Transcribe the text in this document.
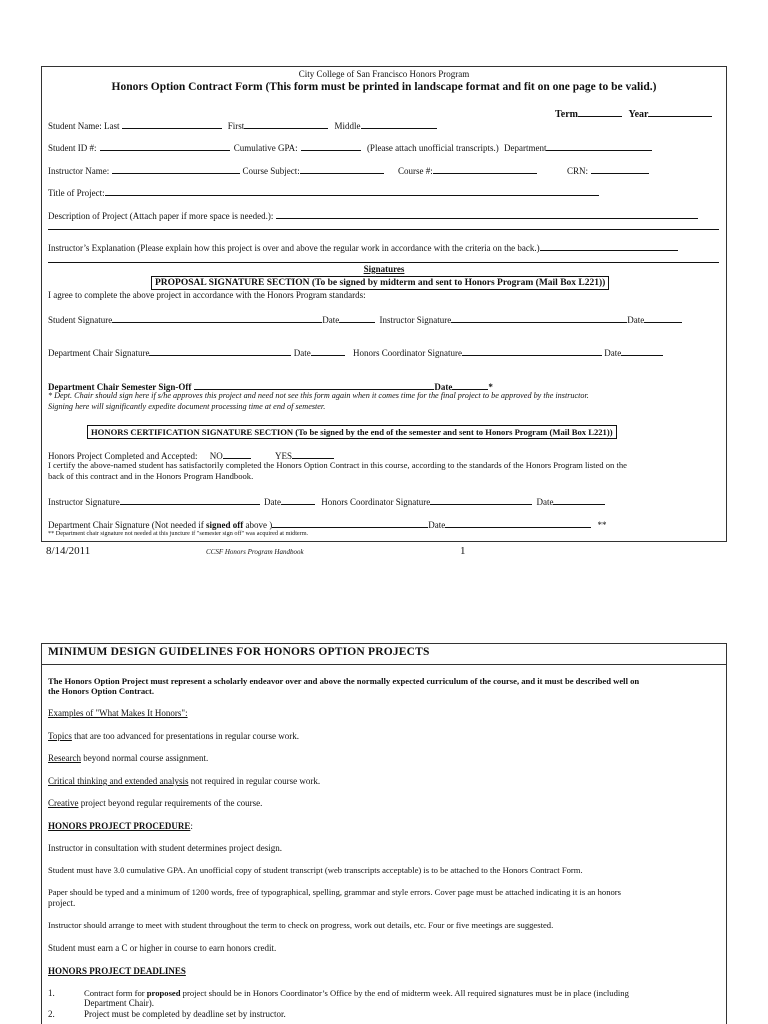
City College of San Francisco Honors Program
Honors Option Contract Form (This form must be printed in landscape format and fit on one page to be valid.)
Term	Year
Student Name: Last	First	Middle
Student ID #:	Cumulative GPA:	(Please attach unofficial transcripts.) Department
Instructor Name:	Course Subject:	Course #:	CRN:
Title of Project:
Description of Project (Attach paper if more space is needed.):
Instructor’s Explanation (Please explain how this project is over and above the regular work in accordance with the criteria on the back.)
Signatures
PROPOSAL SIGNATURE SECTION (To be signed by midterm and sent to Honors Program (Mail Box L221))
I agree to complete the above project in accordance with the Honors Program standards:
Student Signature	Date	Instructor Signature	Date
Department Chair Signature	Date	Honors Coordinator Signature	Date
Department Chair Semester Sign-Off	Date	*
* Dept. Chair should sign here if s/he approves this project and need not see this form again when it comes time for the final project to be approved by the instructor.
Signing here will significantly expedite document processing time at end of semester.
HONORS CERTIFICATION SIGNATURE SECTION (To be signed by the end of the semester and sent to Honors Program (Mail Box L221))
Honors Project Completed and Accepted: NO	YES
I certify the above-named student has satisfactorily completed the Honors Option Contract in this course, according to the standards of the Honors Program listed on the
back of this contract and in the Honors Program Handbook.
Instructor Signature	Date	Honors Coordinator Signature	Date
Department Chair Signature (Not needed if signed off above )	Date	**
** Department chair signature not needed at this juncture if "semester sign off" was acquired at midterm.
8/14/2011	CCSF Honors Program Handbook	1
MINIMUM DESIGN GUIDELINES FOR HONORS OPTION PROJECTS
The Honors Option Project must represent a scholarly endeavor over and above the normally expected curriculum of the course, and it must be described well on
the Honors Option Contract.
Examples of "What Makes It Honors":
Topics that are too advanced for presentations in regular course work.
Research beyond normal course assignment.
Critical thinking and extended analysis not required in regular course work.
Creative project beyond regular requirements of the course.
HONORS PROJECT PROCEDURE:
Instructor in consultation with student determines project design.
Student must have 3.0 cumulative GPA. An unofficial copy of student transcript (web transcripts acceptable) is to be attached to the Honors Contract Form.
Paper should be typed and a minimum of 1200 words, free of typographical, spelling, grammar and style errors. Cover page must be attached indicating it is an honors
project.
Instructor should arrange to meet with student throughout the term to check on progress, work out details, etc. Four or five meetings are suggested.
Student must earn a C or higher in course to earn honors credit.
HONORS PROJECT DEADLINES
1.	Contract form for proposed project should be in Honors Coordinator’s Office by the end of midterm week. All required signatures must be in place (including
Department Chair).
2.	Project must be completed by deadline set by instructor.
